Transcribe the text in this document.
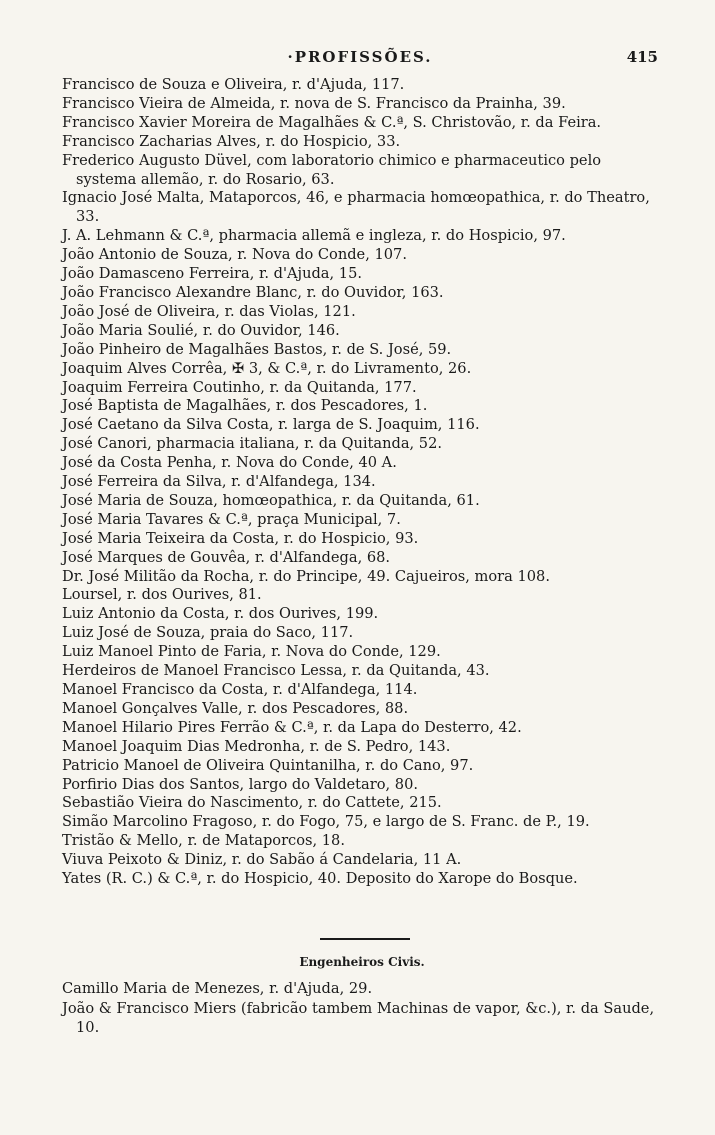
·PROFISSÕES.	415
Francisco de Souza e Oliveira, r. d'Ajuda, 117.
Francisco Vieira de Almeida, r. nova de S. Francisco da Prainha, 39.
Francisco Xavier Moreira de Magalhães & C.ª, S. Christovão, r. da Feira.
Francisco Zacharias Alves, r. do Hospicio, 33.
Frederico Augusto Düvel, com laboratorio chimico e pharmaceutico pelo systema allemão, r. do Rosario, 63.
Ignacio José Malta, Mataporcos, 46, e pharmacia homœopathica, r. do Theatro, 33.
J. A. Lehmann & C.ª, pharmacia allemã e ingleza, r. do Hospicio, 97.
João Antonio de Souza, r. Nova do Conde, 107.
João Damasceno Ferreira, r. d'Ajuda, 15.
João Francisco Alexandre Blanc, r. do Ouvidor, 163.
João José de Oliveira, r. das Violas, 121.
João Maria Soulié, r. do Ouvidor, 146.
João Pinheiro de Magalhães Bastos, r. de S. José, 59.
Joaquim Alves Corrêa, ✠ 3, & C.ª, r. do Livramento, 26.
Joaquim Ferreira Coutinho, r. da Quitanda, 177.
José Baptista de Magalhães, r. dos Pescadores, 1.
José Caetano da Silva Costa, r. larga de S. Joaquim, 116.
José Canori, pharmacia italiana, r. da Quitanda, 52.
José da Costa Penha, r. Nova do Conde, 40 A.
José Ferreira da Silva, r. d'Alfandega, 134.
José Maria de Souza, homœopathica, r. da Quitanda, 61.
José Maria Tavares & C.ª, praça Municipal, 7.
José Maria Teixeira da Costa, r. do Hospicio, 93.
José Marques de Gouvêa, r. d'Alfandega, 68.
Dr. José Militão da Rocha, r. do Principe, 49. Cajueiros, mora 108.
Loursel, r. dos Ourives, 81.
Luiz Antonio da Costa, r. dos Ourives, 199.
Luiz José de Souza, praia do Saco, 117.
Luiz Manoel Pinto de Faria, r. Nova do Conde, 129.
Herdeiros de Manoel Francisco Lessa, r. da Quitanda, 43.
Manoel Francisco da Costa, r. d'Alfandega, 114.
Manoel Gonçalves Valle, r. dos Pescadores, 88.
Manoel Hilario Pires Ferrão & C.ª, r. da Lapa do Desterro, 42.
Manoel Joaquim Dias Medronha, r. de S. Pedro, 143.
Patricio Manoel de Oliveira Quintanilha, r. do Cano, 97.
Porfirio Dias dos Santos, largo do Valdetaro, 80.
Sebastião Vieira do Nascimento, r. do Cattete, 215.
Simão Marcolino Fragoso, r. do Fogo, 75, e largo de S. Franc. de P., 19.
Tristão & Mello, r. de Mataporcos, 18.
Viuva Peixoto & Diniz, r. do Sabão á Candelaria, 11 A.
Yates (R. C.) & C.ª, r. do Hospicio, 40. Deposito do Xarope do Bosque.
Engenheiros Civis.
Camillo Maria de Menezes, r. d'Ajuda, 29.
João & Francisco Miers (fabricão tambem Machinas de vapor, &c.), r. da Saude, 10.
